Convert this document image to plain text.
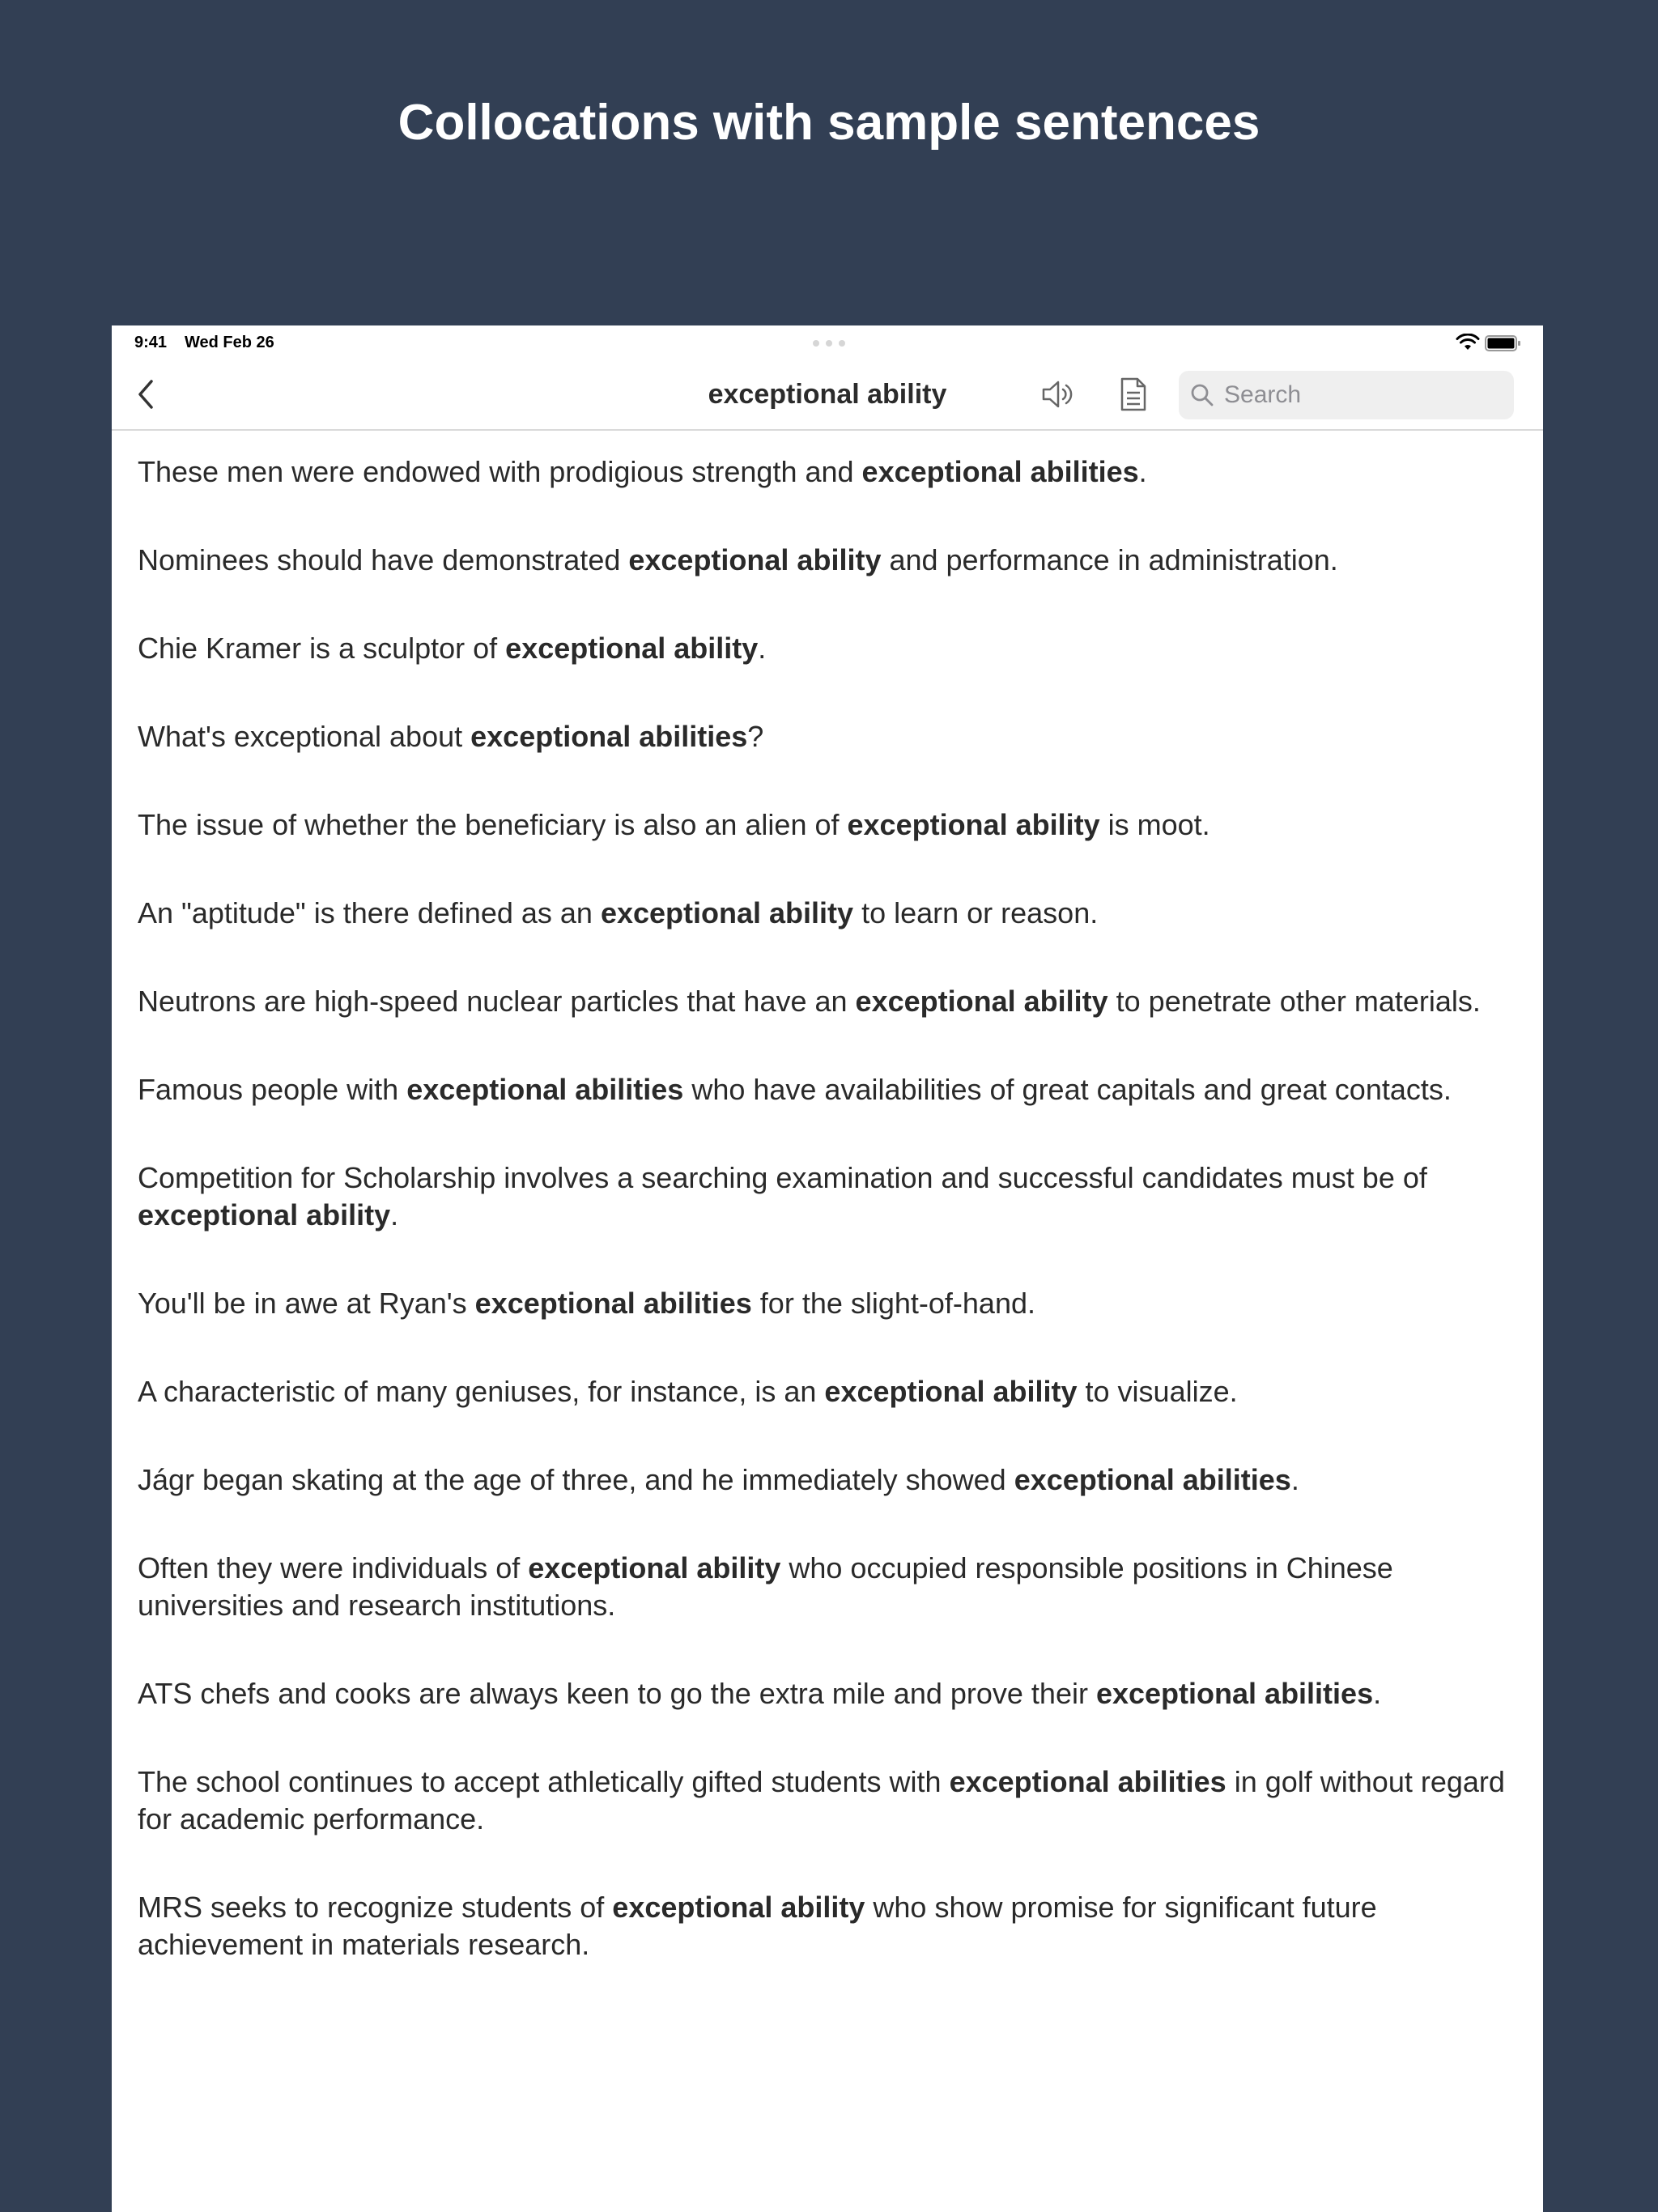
Collocations with sample sentences
9:41 Wed Feb 26
exceptional ability
Search
These men were endowed with prodigious strength and exceptional abilities.
Nominees should have demonstrated exceptional ability and performance in administration.
Chie Kramer is a sculptor of exceptional ability.
What's exceptional about exceptional abilities?
The issue of whether the beneficiary is also an alien of exceptional ability is moot.
An "aptitude" is there defined as an exceptional ability to learn or reason.
Neutrons are high-speed nuclear particles that have an exceptional ability to penetrate other materials.
Famous people with exceptional abilities who have availabilities of great capitals and great contacts.
Competition for Scholarship involves a searching examination and successful candidates must be of exceptional ability.
You'll be in awe at Ryan's exceptional abilities for the slight-of-hand.
A characteristic of many geniuses, for instance, is an exceptional ability to visualize.
Jágr began skating at the age of three, and he immediately showed exceptional abilities.
Often they were individuals of exceptional ability who occupied responsible positions in Chinese universities and research institutions.
ATS chefs and cooks are always keen to go the extra mile and prove their exceptional abilities.
The school continues to accept athletically gifted students with exceptional abilities in golf without regard for academic performance.
MRS seeks to recognize students of exceptional ability who show promise for significant future achievement in materials research.
